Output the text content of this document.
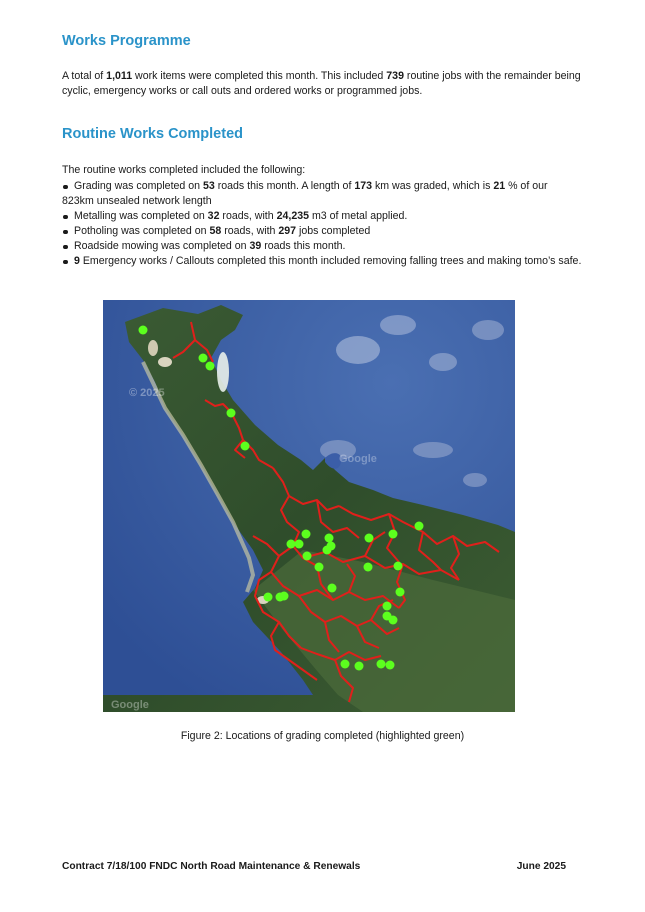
Works Programme

A total of 1,011 work items were completed this month. This included 739 routine jobs with the remainder being cyclic, emergency works or call outs and ordered works or programmed jobs.

Routine Works Completed

The routine works completed included the following:

Grading was completed on 53 roads this month. A length of 173 km was graded, which is 21 % of our 823km unsealed network length
Metalling was completed on 32 roads, with 24,235 m3 of metal applied.
Potholing was completed on 58 roads, with 297 jobs completed
Roadside mowing was completed on 39 roads this month.
9 Emergency works / Callouts completed this month included removing falling trees and making tomo’s safe.
© 2025
Google
Google
Figure 2: Locations of grading completed (highlighted green)
Contract 7/18/100 FNDC North Road Maintenance & Renewals	June 2025
